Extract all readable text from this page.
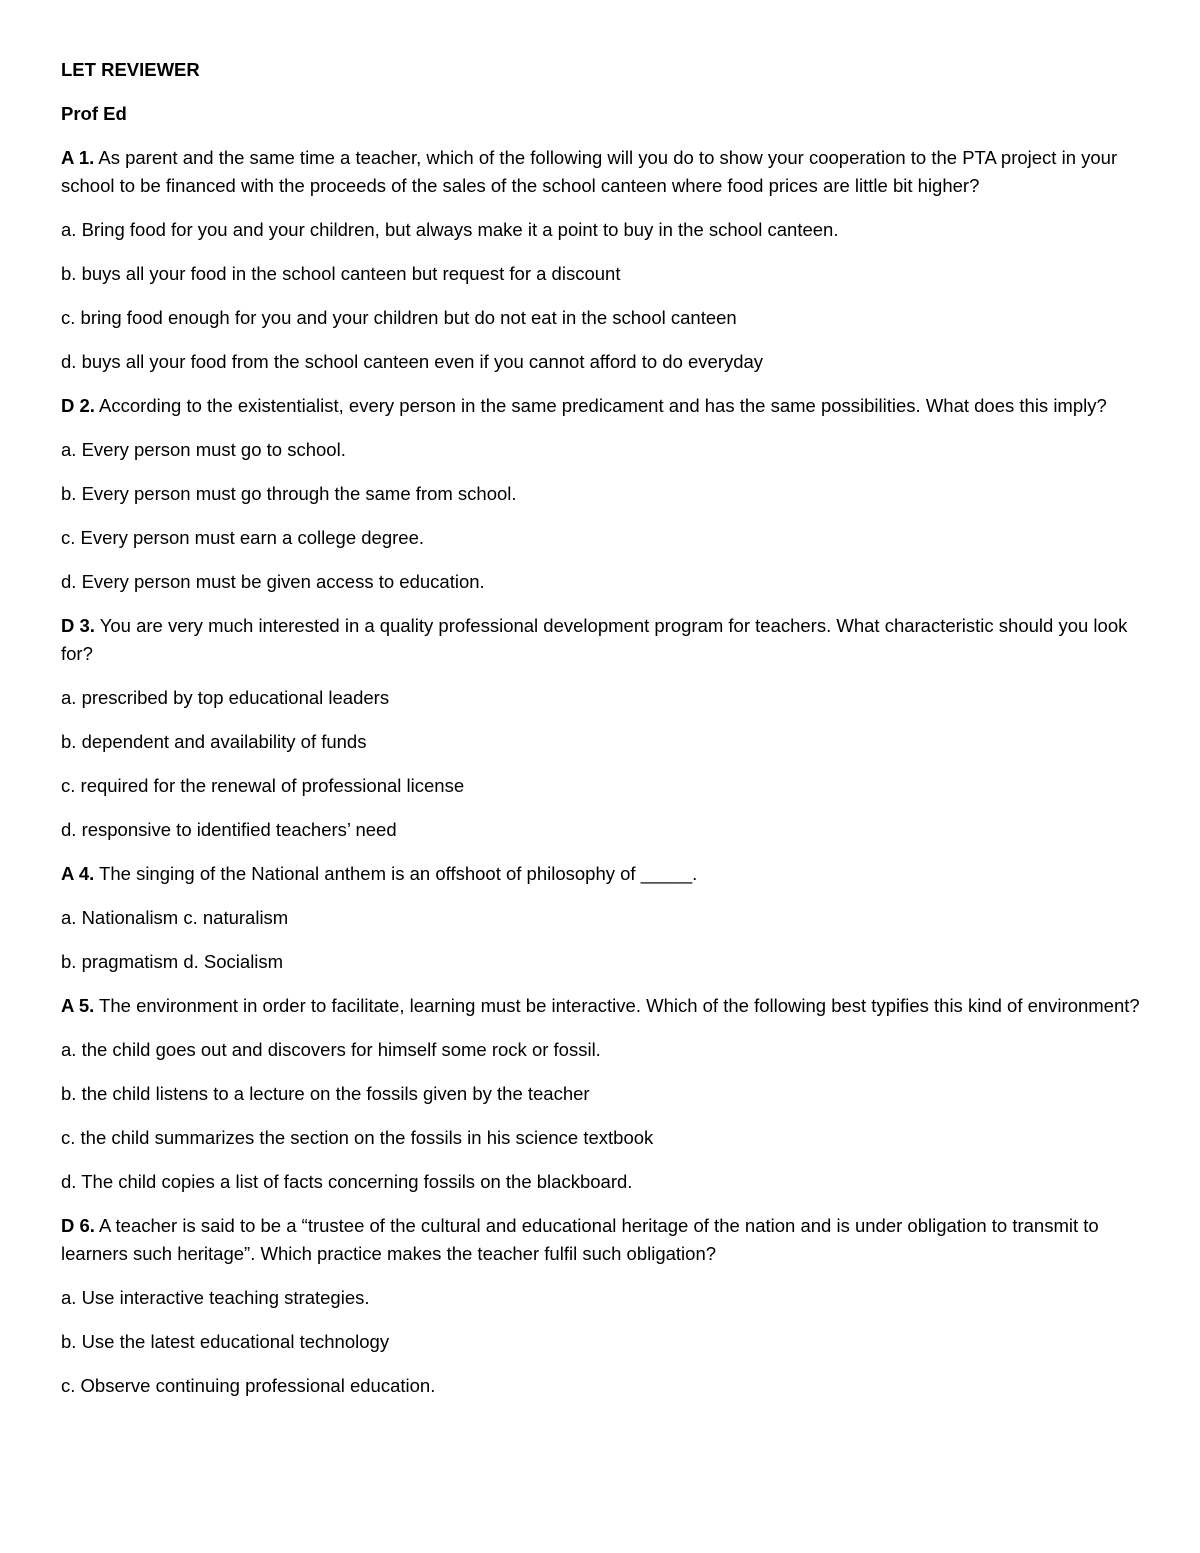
LET REVIEWER

Prof Ed

A 1. As parent and the same time a teacher, which of the following will you do to show your cooperation to the PTA project in your school to be financed with the proceeds of the sales of the school canteen where food prices are little bit higher?

a. Bring food for you and your children, but always make it a point to buy in the school canteen.

b. buys all your food in the school canteen but request for a discount

c. bring food enough for you and your children but do not eat in the school canteen

d. buys all your food from the school canteen even if you cannot afford to do everyday

D 2. According to the existentialist, every person in the same predicament and has the same possibilities. What does this imply?

a. Every person must go to school.

b. Every person must go through the same from school.

c. Every person must earn a college degree.

d. Every person must be given access to education.

D 3. You are very much interested in a quality professional development program for teachers. What characteristic should you look for?

a. prescribed by top educational leaders

b. dependent and availability of funds

c. required for the renewal of professional license

d. responsive to identified teachers’ need

A 4. The singing of the National anthem is an offshoot of philosophy of _____.

a. Nationalism c. naturalism

b. pragmatism d. Socialism

A 5. The environment in order to facilitate, learning must be interactive. Which of the following best typifies this kind of environment?

a. the child goes out and discovers for himself some rock or fossil.

b. the child listens to a lecture on the fossils given by the teacher

c. the child summarizes the section on the fossils in his science textbook

d. The child copies a list of facts concerning fossils on the blackboard.

D 6. A teacher is said to be a “trustee of the cultural and educational heritage of the nation and is under obligation to transmit to learners such heritage”. Which practice makes the teacher fulfil such obligation?

a. Use interactive teaching strategies.

b. Use the latest educational technology

c. Observe continuing professional education.
